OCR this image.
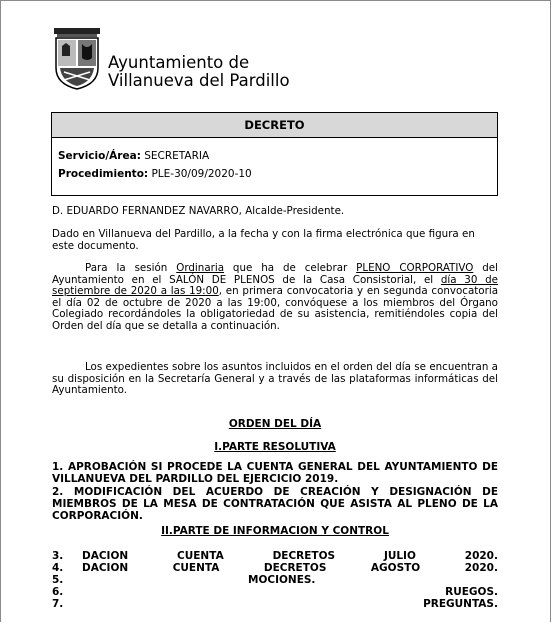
Ayuntamiento de
Villanueva del Pardillo
DECRETO
Servicio/Área: SECRETARIA
Procedimiento: PLE-30/09/2020-10
D. EDUARDO FERNANDEZ NAVARRO, Alcalde-Presidente.
Dado en Villanueva del Pardillo, a la fecha y con la firma electrónica que figura en este documento.
Para la sesión Ordinaria que ha de celebrar PLENO CORPORATIVO del Ayuntamiento en el SALÓN DE PLENOS de la Casa Consistorial, el día 30 de septiembre de 2020 a las 19:00, en primera convocatoria y en segunda convocatoria el día 02 de octubre de 2020 a las 19:00, convóquese a los miembros del Órgano Colegiado recordándoles la obligatoriedad de su asistencia, remitiéndoles copia del Orden del día que se detalla a continuación.
Los expedientes sobre los asuntos incluidos en el orden del día se encuentran a su disposición en la Secretaría General y a través de las plataformas informáticas del Ayuntamiento.
ORDEN DEL DÍA
I.PARTE RESOLUTIVA
1. APROBACIÓN SI PROCEDE LA CUENTA GENERAL DEL AYUNTAMIENTO DE VILLANUEVA DEL PARDILLO DEL EJERCICIO 2019.
2. MODIFICACIÓN DEL ACUERDO DE CREACIÓN Y DESIGNACIÓN DE MIEMBROS DE LA MESA DE CONTRATACIÓN QUE ASISTA AL PLENO DE LA CORPORACIÓN.
II.PARTE DE INFORMACION Y CONTROL
3.	DACION	CUENTA	DECRETOS	JULIO	2020.
4.	DACION	CUENTA	DECRETOS	AGOSTO	2020.
5.	MOCIONES.
6.	RUEGOS.
7.	PREGUNTAS.
